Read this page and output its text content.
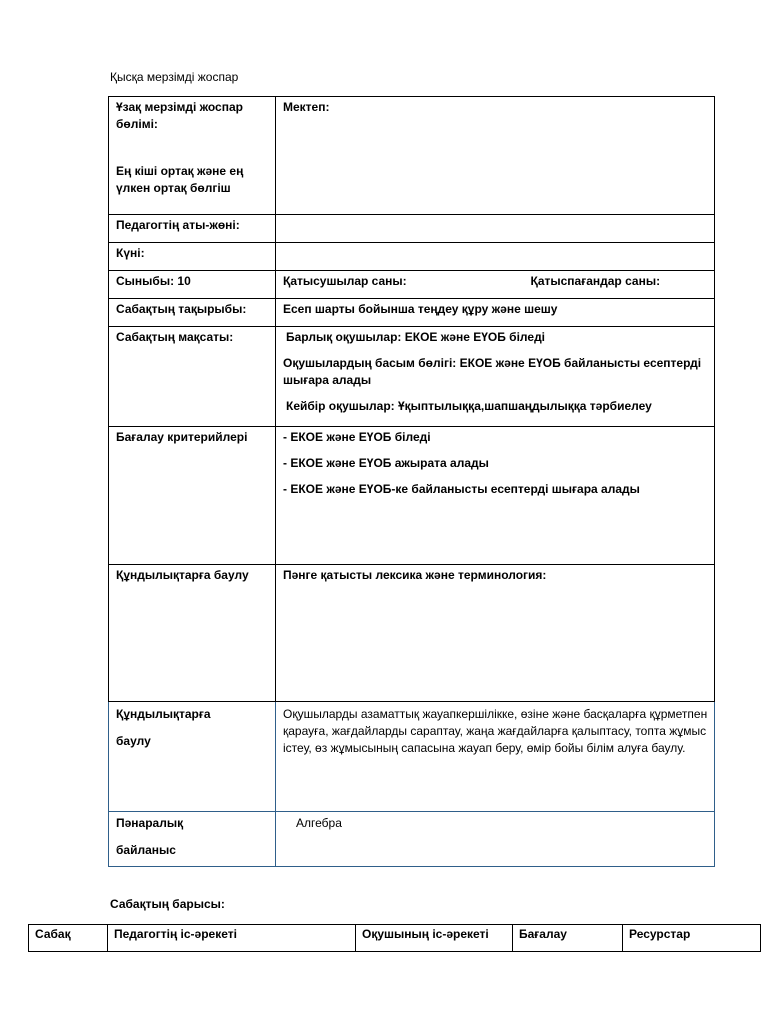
Қысқа мерзімді жоспар
Ұзақ мерзімді жоспар бөлімі:
Ең кіші ортақ және ең үлкен ортақ бөлгіш	Мектеп:
Педагогтің аты-жөні:	
Күні:	
Сыныбы: 10	Қатысушылар саны: Қатыспағандар саны:

Сабақтың тақырыбы:	Есеп шарты бойынша теңдеу құру және шешу
Сабақтың мақсаты:	Барлық оқушылар: ЕКОЕ және ЕҮОБ біледі

Оқушылардың басым бөлігі: ЕКОЕ және ЕҮОБ байланысты есептерді шығара алады

Кейбір оқушылар: Ұқыптылыққа,шапшаңдылыққа тәрбиелеу

Бағалау критерийлері	- ЕКОЕ және ЕҮОБ біледі

- ЕКОЕ және ЕҮОБ ажырата алады

- ЕКОЕ және ЕҮОБ-ке байланысты есептерді шығара алады

Құндылықтарға баулу	Пәнге қатысты лексика және терминология:

Құндылықтарға
баулу	Оқушыларды азаматтық жауапкершілікке, өзіне және басқаларға құрметпен қарауға, жағдайларды сараптау, жаңа жағдайларға қалыптасу, топта жұмыс істеу, өз жұмысының сапасына жауап беру, өмір бойы білім алуға баулу.

Пәнаралық
байланыс	Алгебра
Сабақтың барысы:
Сабақ	Педагогтің іс-әрекеті	Оқушының іс-әрекеті	Бағалау	Ресурстар
